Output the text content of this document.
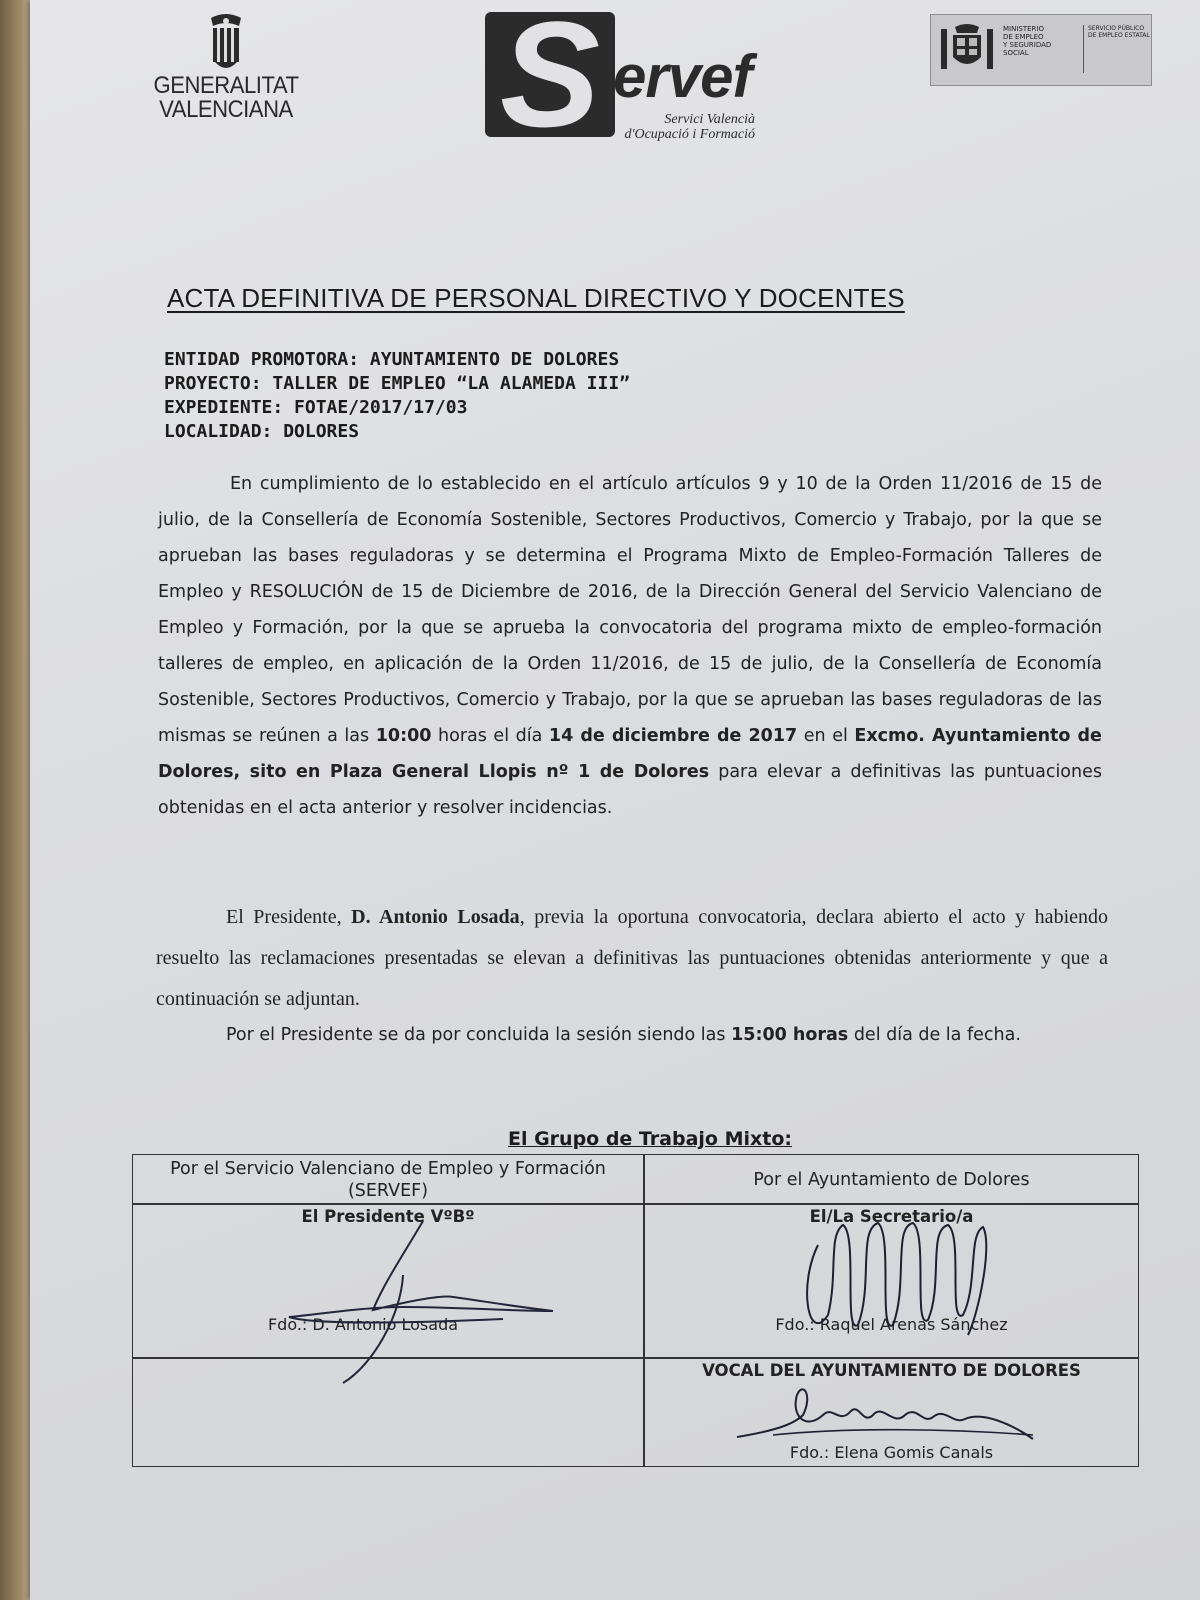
GENERALITAT
VALENCIANA S ervef
Servici Valencià
d'Ocupació i Formació
MINISTERIO
DE EMPLEO
Y SEGURIDAD SOCIAL
SERVICIO PÚBLICO
DE EMPLEO ESTATAL
ACTA DEFINITIVA DE PERSONAL DIRECTIVO Y DOCENTES
ENTIDAD PROMOTORA: AYUNTAMIENTO DE DOLORES
PROYECTO: TALLER DE EMPLEO “LA ALAMEDA III”
EXPEDIENTE: FOTAE/2017/17/03
LOCALIDAD: DOLORES
En cumplimiento de lo establecido en el artículo artículos 9 y 10 de la Orden 11/2016 de 15 de julio, de la Consellería de Economía Sostenible, Sectores Productivos, Comercio y Trabajo, por la que se aprueban las bases reguladoras y se determina el Programa Mixto de Empleo-Formación Talleres de Empleo y RESOLUCIÓN de 15 de Diciembre de 2016, de la Dirección General del Servicio Valenciano de Empleo y Formación, por la que se aprueba la convocatoria del programa mixto de empleo-formación talleres de empleo, en aplicación de la Orden 11/2016, de 15 de julio, de la Consellería de Economía Sostenible, Sectores Productivos, Comercio y Trabajo, por la que se aprueban las bases reguladoras de las mismas se reúnen a las 10:00 horas el día 14 de diciembre de 2017 en el Excmo. Ayuntamiento de Dolores, sito en Plaza General Llopis nº 1 de Dolores para elevar a definitivas las puntuaciones obtenidas en el acta anterior y resolver incidencias.
El Presidente, D. Antonio Losada, previa la oportuna convocatoria, declara abierto el acto y habiendo resuelto las reclamaciones presentadas se elevan a definitivas las puntuaciones obtenidas anteriormente y que a continuación se adjuntan.
Por el Presidente se da por concluida la sesión siendo las 15:00 horas del día de la fecha.
El Grupo de Trabajo Mixto:
Por el Servicio Valenciano de Empleo y Formación (SERVEF)
Por el Ayuntamiento de Dolores
El Presidente VºBº
Fdo.: D. Antonio Losada
El/La Secretario/a
Fdo.: Raquel Arenas Sánchez
VOCAL DEL AYUNTAMIENTO DE DOLORES
Fdo.: Elena Gomis Canals
